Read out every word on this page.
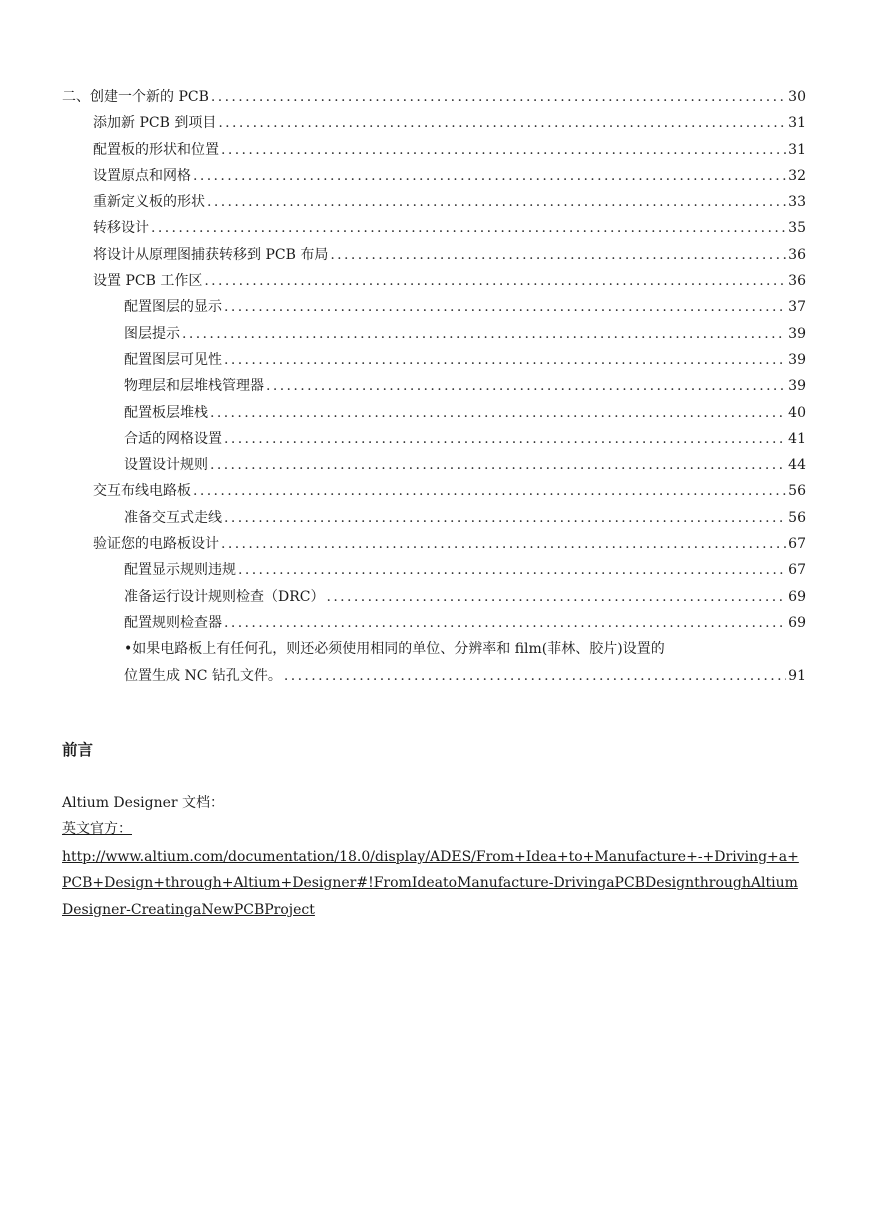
二、创建一个新的 PCB .....	30
添加新 PCB 到项目 .....	31
配置板的形状和位置 .....	31
设置原点和网格 .....	32
重新定义板的形状 .....	33
转移设计 .....	35
将设计从原理图捕获转移到 PCB 布局 .....	36
设置 PCB 工作区 .....	36
配置图层的显示 .....	37
图层提示 .....	39
配置图层可见性 .....	39
物理层和层堆栈管理器 .....	39
配置板层堆栈 .....	40
合适的网格设置 .....	41
设置设计规则 .....	44
交互布线电路板 .....	56
准备交互式走线 .....	56
验证您的电路板设计 .....	67
配置显示规则违规 .....	67
准备运行设计规则检查（DRC） .....	69
配置规则检查器 .....	69
•如果电路板上有任何孔，则还必须使用相同的单位、分辨率和 film(菲林、胶片)设置的
位置生成 NC 钻孔文件。 .....	91
前言
Altium Designer 文档：
英文官方：
http://www.altium.com/documentation/18.0/display/ADES/From+Idea+to+Manufacture+-+Driving+a+PCB+Design+through+Altium+Designer#!FromIdeatoManufacture-DrivingaPCBDesignthroughAltiumDesigner-CreatingaNewPCBProject
